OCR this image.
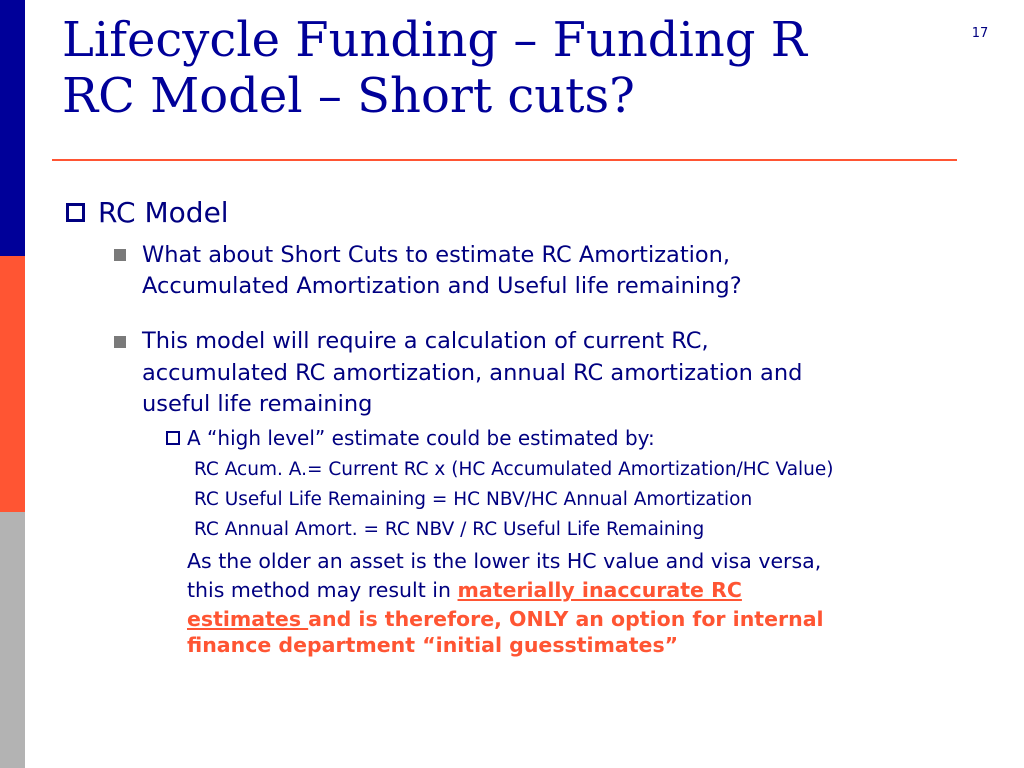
Lifecycle Funding – Funding R
RC Model – Short cuts?
17
RC Model
What about Short Cuts to estimate RC Amortization,
Accumulated Amortization and Useful life remaining?
This model will require a calculation of current RC,
accumulated RC amortization, annual RC amortization and
useful life remaining
A “high level” estimate could be estimated by:
RC Acum. A.= Current RC x (HC Accumulated Amortization/HC Value)
RC Useful Life Remaining = HC NBV/HC Annual Amortization
RC Annual Amort. = RC NBV / RC Useful Life Remaining
As the older an asset is the lower its HC value and visa versa,
this method may result in materially inaccurate RC
estimates and is therefore, ONLY an option for internal
finance department “initial guesstimates”
